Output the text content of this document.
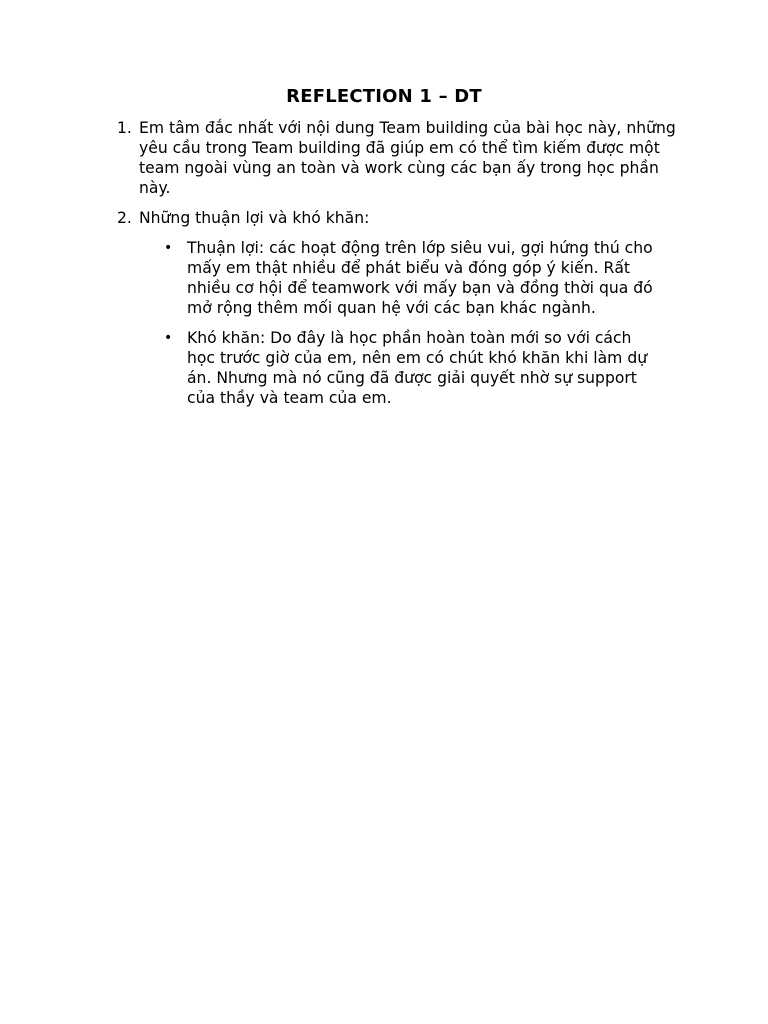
REFLECTION 1 – DT
1. Em tâm đắc nhất với nội dung Team building của bài học này, những yêu cầu trong Team building đã giúp em có thể tìm kiếm được một team ngoài vùng an toàn và work cùng các bạn ấy trong học phần này.
2. Những thuận lợi và khó khăn:
• Thuận lợi: các hoạt động trên lớp siêu vui, gợi hứng thú cho mấy em thật nhiều để phát biểu và đóng góp ý kiến. Rất nhiều cơ hội để teamwork với mấy bạn và đồng thời qua đó mở rộng thêm mối quan hệ với các bạn khác ngành.
• Khó khăn: Do đây là học phần hoàn toàn mới so với cách học trước giờ của em, nên em có chút khó khăn khi làm dự án. Nhưng mà nó cũng đã được giải quyết nhờ sự support của thầy và team của em.
